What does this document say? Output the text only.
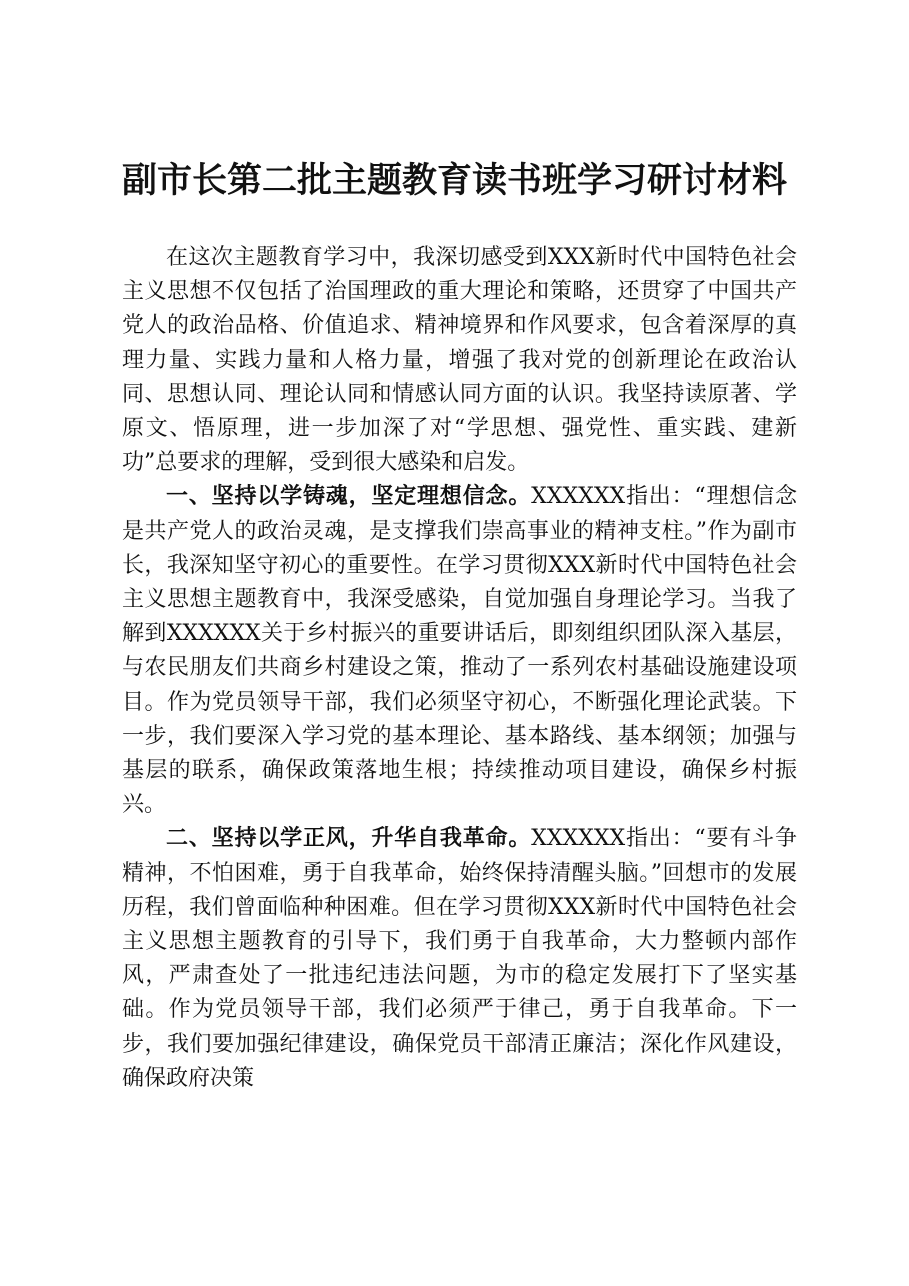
副市长第二批主题教育读书班学习研讨材料

在这次主题教育学习中，我深切感受到XXX新时代中国特色社会主义思想不仅包括了治国理政的重大理论和策略，还贯穿了中国共产党人的政治品格、价值追求、精神境界和作风要求，包含着深厚的真理力量、实践力量和人格力量，增强了我对党的创新理论在政治认同、思想认同、理论认同和情感认同方面的认识。我坚持读原著、学原文、悟原理，进一步加深了对“学思想、强党性、重实践、建新功”总要求的理解，受到很大感染和启发。

一、坚持以学铸魂，坚定理想信念。XXXXXX指出：“理想信念是共产党人的政治灵魂，是支撑我们崇高事业的精神支柱。”作为副市长，我深知坚守初心的重要性。在学习贯彻XXX新时代中国特色社会主义思想主题教育中，我深受感染，自觉加强自身理论学习。当我了解到XXXXXX关于乡村振兴的重要讲话后，即刻组织团队深入基层，与农民朋友们共商乡村建设之策，推动了一系列农村基础设施建设项目。作为党员领导干部，我们必须坚守初心，不断强化理论武装。下一步，我们要深入学习党的基本理论、基本路线、基本纲领；加强与基层的联系，确保政策落地生根；持续推动项目建设，确保乡村振兴。

二、坚持以学正风，升华自我革命。XXXXXX指出：“要有斗争精神，不怕困难，勇于自我革命，始终保持清醒头脑。”回想市的发展历程，我们曾面临种种困难。但在学习贯彻XXX新时代中国特色社会主义思想主题教育的引导下，我们勇于自我革命，大力整顿内部作风，严肃查处了一批违纪违法问题，为市的稳定发展打下了坚实基础。作为党员领导干部，我们必须严于律己，勇于自我革命。下一步，我们要加强纪律建设，确保党员干部清正廉洁；深化作风建设，确保政府决策
